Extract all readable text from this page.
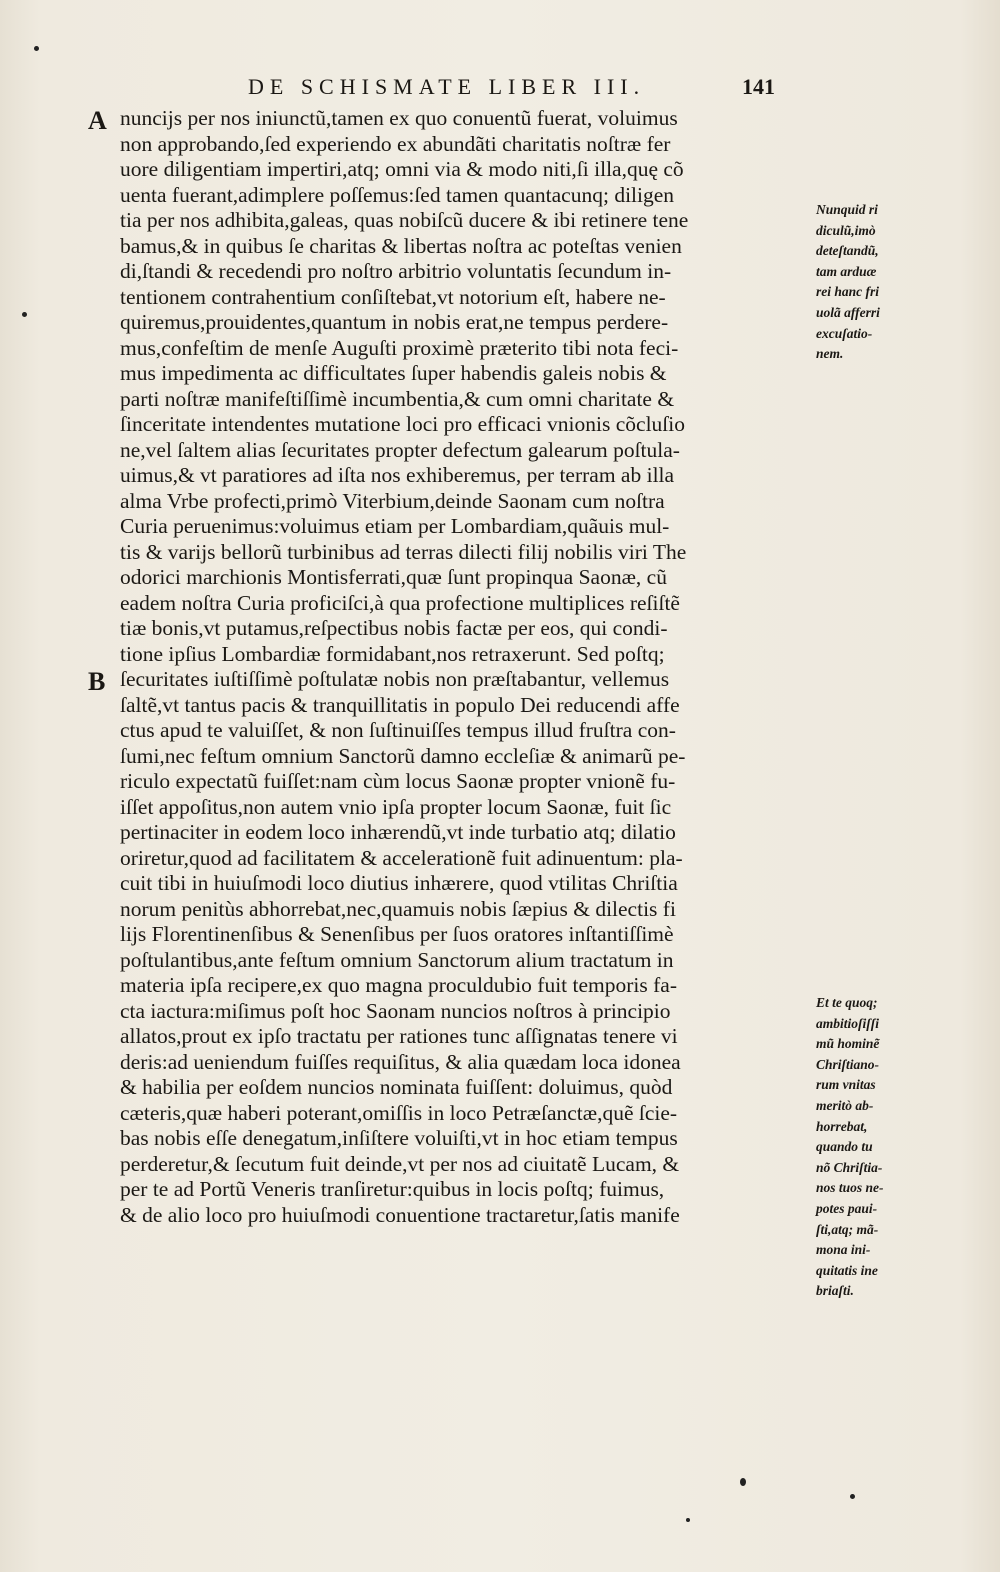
DE SCHISMATE LIBER III.	141
A
B
nuncijs per nos iniunctũ,tamen ex quo conuentũ fuerat, voluimus
non approbando,ſed experiendo ex abundãti charitatis noſtræ fer
uore diligentiam impertiri,atq; omni via & modo niti,ſi illa,quę cõ
uenta fuerant,adimplere poſſemus:ſed tamen quantacunq; diligen
tia per nos adhibita,galeas, quas nobiſcũ ducere & ibi retinere tene
bamus,& in quibus ſe charitas & libertas noſtra ac poteſtas venien
di,ſtandi & recedendi pro noſtro arbitrio voluntatis ſecundum in-
tentionem contrahentium conſiſtebat,vt notorium eſt, habere ne-
quiremus,prouidentes,quantum in nobis erat,ne tempus perdere-
mus,confeſtim de menſe Auguſti proximè præterito tibi nota feci-
mus impedimenta ac difficultates ſuper habendis galeis nobis &
parti noſtræ manifeſtiſſimè incumbentia,& cum omni charitate &
ſinceritate intendentes mutatione loci pro efficaci vnionis cõcluſio
ne,vel ſaltem alias ſecuritates propter defectum galearum poſtula-
uimus,& vt paratiores ad iſta nos exhiberemus, per terram ab illa
alma Vrbe profecti,primò Viterbium,deinde Saonam cum noſtra
Curia peruenimus:voluimus etiam per Lombardiam,quãuis mul-
tis & varijs bellorũ turbinibus ad terras dilecti filij nobilis viri The
odorici marchionis Montisferrati,quæ ſunt propinqua Saonæ, cũ
eadem noſtra Curia proficiſci,à qua profectione multiplices reſiſtẽ
tiæ bonis,vt putamus,reſpectibus nobis factæ per eos, qui condi-
tione ipſius Lombardiæ formidabant,nos retraxerunt. Sed poſtq;
ſecuritates iuſtiſſimè poſtulatæ nobis non præſtabantur, vellemus
ſaltẽ,vt tantus pacis & tranquillitatis in populo Dei reducendi affe
ctus apud te valuiſſet, & non ſuſtinuiſſes tempus illud fruſtra con-
ſumi,nec feſtum omnium Sanctorũ damno eccleſiæ & animarũ pe-
riculo expectatũ fuiſſet:nam cùm locus Saonæ propter vnionẽ fu-
iſſet appoſitus,non autem vnio ipſa propter locum Saonæ, fuit ſic
pertinaciter in eodem loco inhærendũ,vt inde turbatio atq; dilatio
oriretur,quod ad facilitatem & accelerationẽ fuit adinuentum: pla-
cuit tibi in huiuſmodi loco diutius inhærere, quod vtilitas Chriſtia
norum penitùs abhorrebat,nec,quamuis nobis ſæpius & dilectis fi
lijs Florentinenſibus & Senenſibus per ſuos oratores inſtantiſſimè
poſtulantibus,ante feſtum omnium Sanctorum alium tractatum in
materia ipſa recipere,ex quo magna proculdubio fuit temporis fa-
cta iactura:miſimus poſt hoc Saonam nuncios noſtros à principio
allatos,prout ex ipſo tractatu per rationes tunc aſſignatas tenere vi
deris:ad ueniendum fuiſſes requiſitus, & alia quædam loca idonea
& habilia per eoſdem nuncios nominata fuiſſent: doluimus, quòd
cæteris,quæ haberi poterant,omiſſis in loco Petræſanctæ,quẽ ſcie-
bas nobis eſſe denegatum,inſiſtere voluiſti,vt in hoc etiam tempus
perderetur,& ſecutum fuit deinde,vt per nos ad ciuitatẽ Lucam, &
per te ad Portũ Veneris tranſiretur:quibus in locis poſtq; fuimus,
& de alio loco pro huiuſmodi conuentione tractaretur,ſatis manife
Nunquid ri
diculũ,imò
deteſtandũ,
tam arduæ
rei hanc fri
uolã afferri
excuſatio-
nem.
Et te quoq;
ambitioſiſſi
mũ hominẽ
Chriſtiano-
rum vnitas
meritò ab-
horrebat,
quando tu
nõ Chriſtia-
nos tuos ne-
potes paui-
ſti,atq; mã-
mona ini-
quitatis ine
briaſti.
